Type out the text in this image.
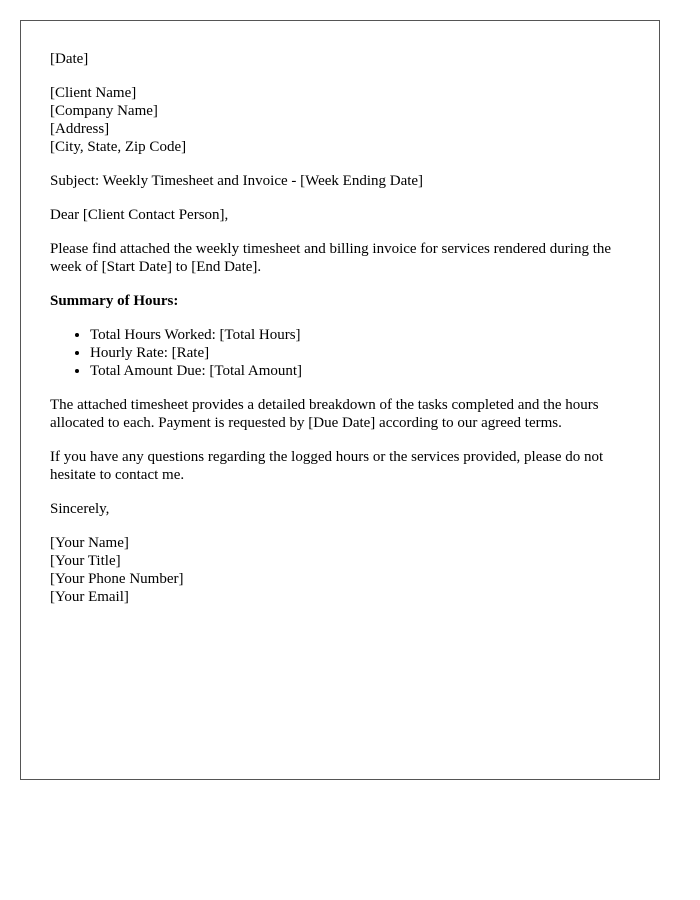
[Date]

[Client Name]

[Company Name]

[Address]

[City, State, Zip Code]

Subject: Weekly Timesheet and Invoice - [Week Ending Date]

Dear [Client Contact Person],

Please find attached the weekly timesheet and billing invoice for services rendered during the week of [Start Date] to [End Date].

Summary of Hours:

• Total Hours Worked: [Total Hours]
• Hourly Rate: [Rate]
• Total Amount Due: [Total Amount]

The attached timesheet provides a detailed breakdown of the tasks completed and the hours allocated to each. Payment is requested by [Due Date] according to our agreed terms.

If you have any questions regarding the logged hours or the services provided, please do not hesitate to contact me.

Sincerely,

[Your Name]

[Your Title]

[Your Phone Number]

[Your Email]
